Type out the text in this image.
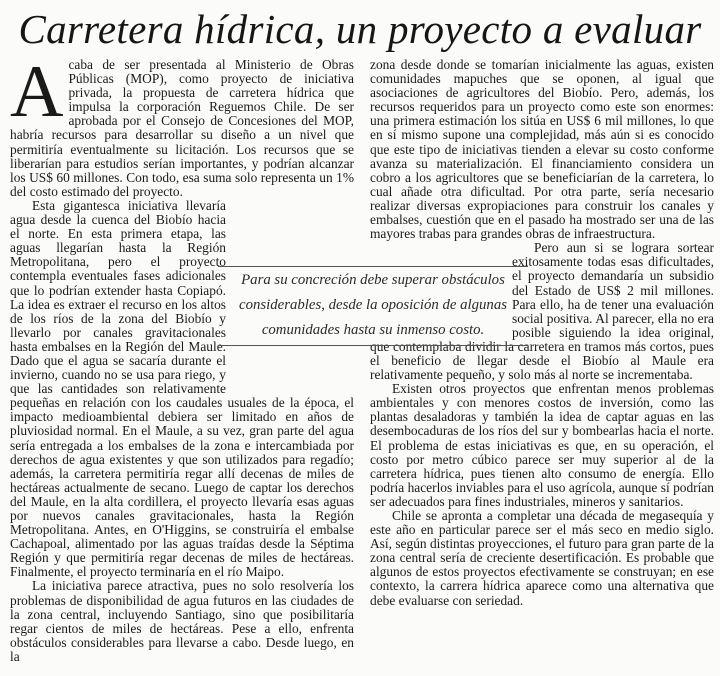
Carretera hídrica, un proyecto a evaluar
A caba de ser presentada al Ministerio de Obras Públicas (MOP), como proyecto de iniciativa privada, la propuesta de carretera hídrica que impulsa la corporación Reguemos Chile. De ser aprobada por el Consejo de Concesiones del MOP, habría recursos para desarrollar su diseño a un nivel que permitiría eventualmente su licitación. Los recursos que se liberarían para estudios serían importantes, y podrían alcanzar los US$ 60 millones. Con todo, esa suma solo representa un 1% del costo estimado del proyecto.

Esta gigantesca iniciativa llevaría agua desde la cuenca del Biobío hacia el norte. En esta primera etapa, las aguas llegarían hasta la Región Metropolitana, pero el proyecto contempla eventuales fases adicionales que lo podrían extender hasta Copiapó. La idea es extraer el recurso en los altos de los ríos de la zona del Biobío y llevarlo por canales gravitacionales hasta embalses en la Región del Maule. Dado que el agua se sacaría durante el invierno, cuando no se usa para riego, y que las cantidades son relativamente pequeñas en relación con los caudales usuales de la época, el impacto medioambiental debiera ser limitado en años de pluviosidad normal. En el Maule, a su vez, gran parte del agua sería entregada a los embalses de la zona e intercambiada por derechos de agua existentes y que son utilizados para regadío; además, la carretera permitiría regar allí decenas de miles de hectáreas actualmente de secano. Luego de captar los derechos del Maule, en la alta cordillera, el proyecto llevaría esas aguas por nuevos canales gravitacionales, hasta la Región Metropolitana. Antes, en O'Higgins, se construiría el embalse Cachapoal, alimentado por las aguas traídas desde la Séptima Región y que permitiría regar decenas de miles de hectáreas. Finalmente, el proyecto terminaría en el río Maipo.

La iniciativa parece atractiva, pues no solo resolvería los problemas de disponibilidad de agua futuros en las ciudades de la zona central, incluyendo Santiago, sino que posibilitaría regar cientos de miles de hectáreas. Pese a ello, enfrenta obstáculos considerables para llevarse a cabo. Desde luego, en la

zona desde donde se tomarían inicialmente las aguas, existen comunidades mapuches que se oponen, al igual que asociaciones de agricultores del Biobío. Pero, además, los recursos requeridos para un proyecto como este son enormes: una primera estimación los sitúa en US$ 6 mil millones, lo que en sí mismo supone una complejidad, más aún si es conocido que este tipo de iniciativas tienden a elevar su costo conforme avanza su materialización. El financiamiento considera un cobro a los agricultores que se beneficiarían de la carretera, lo cual añade otra dificultad. Por otra parte, sería necesario realizar diversas expropiaciones para construir los canales y embalses, cuestión que en el pasado ha mostrado ser una de las mayores trabas para grandes obras de infraestructura.

Pero aun si se lograra sortear exitosamente todas esas dificultades, el proyecto demandaría un subsidio del Estado de US$ 2 mil millones. Para ello, ha de tener una evaluación social positiva. Al parecer, ella no era posible siguiendo la idea original, que contemplaba dividir la carretera en tramos más cortos, pues el beneficio de llegar desde el Biobío al Maule era relativamente pequeño, y solo más al norte se incrementaba.

Existen otros proyectos que enfrentan menos problemas ambientales y con menores costos de inversión, como las plantas desaladoras y también la idea de captar aguas en las desembocaduras de los ríos del sur y bombearlas hacia el norte. El problema de estas iniciativas es que, en su operación, el costo por metro cúbico parece ser muy superior al de la carretera hídrica, pues tienen alto consumo de energía. Ello podría hacerlos inviables para el uso agrícola, aunque sí podrían ser adecuados para fines industriales, mineros y sanitarios.

Chile se apronta a completar una década de megasequía y este año en particular parece ser el más seco en medio siglo. Así, según distintas proyecciones, el futuro para gran parte de la zona central sería de creciente desertificación. Es probable que algunos de estos proyectos efectivamente se construyan; en ese contexto, la carrera hídrica aparece como una alternativa que debe evaluarse con seriedad.

Para su concreción debe superar obstáculos considerables, desde la oposición de algunas comunidades hasta su inmenso costo.
